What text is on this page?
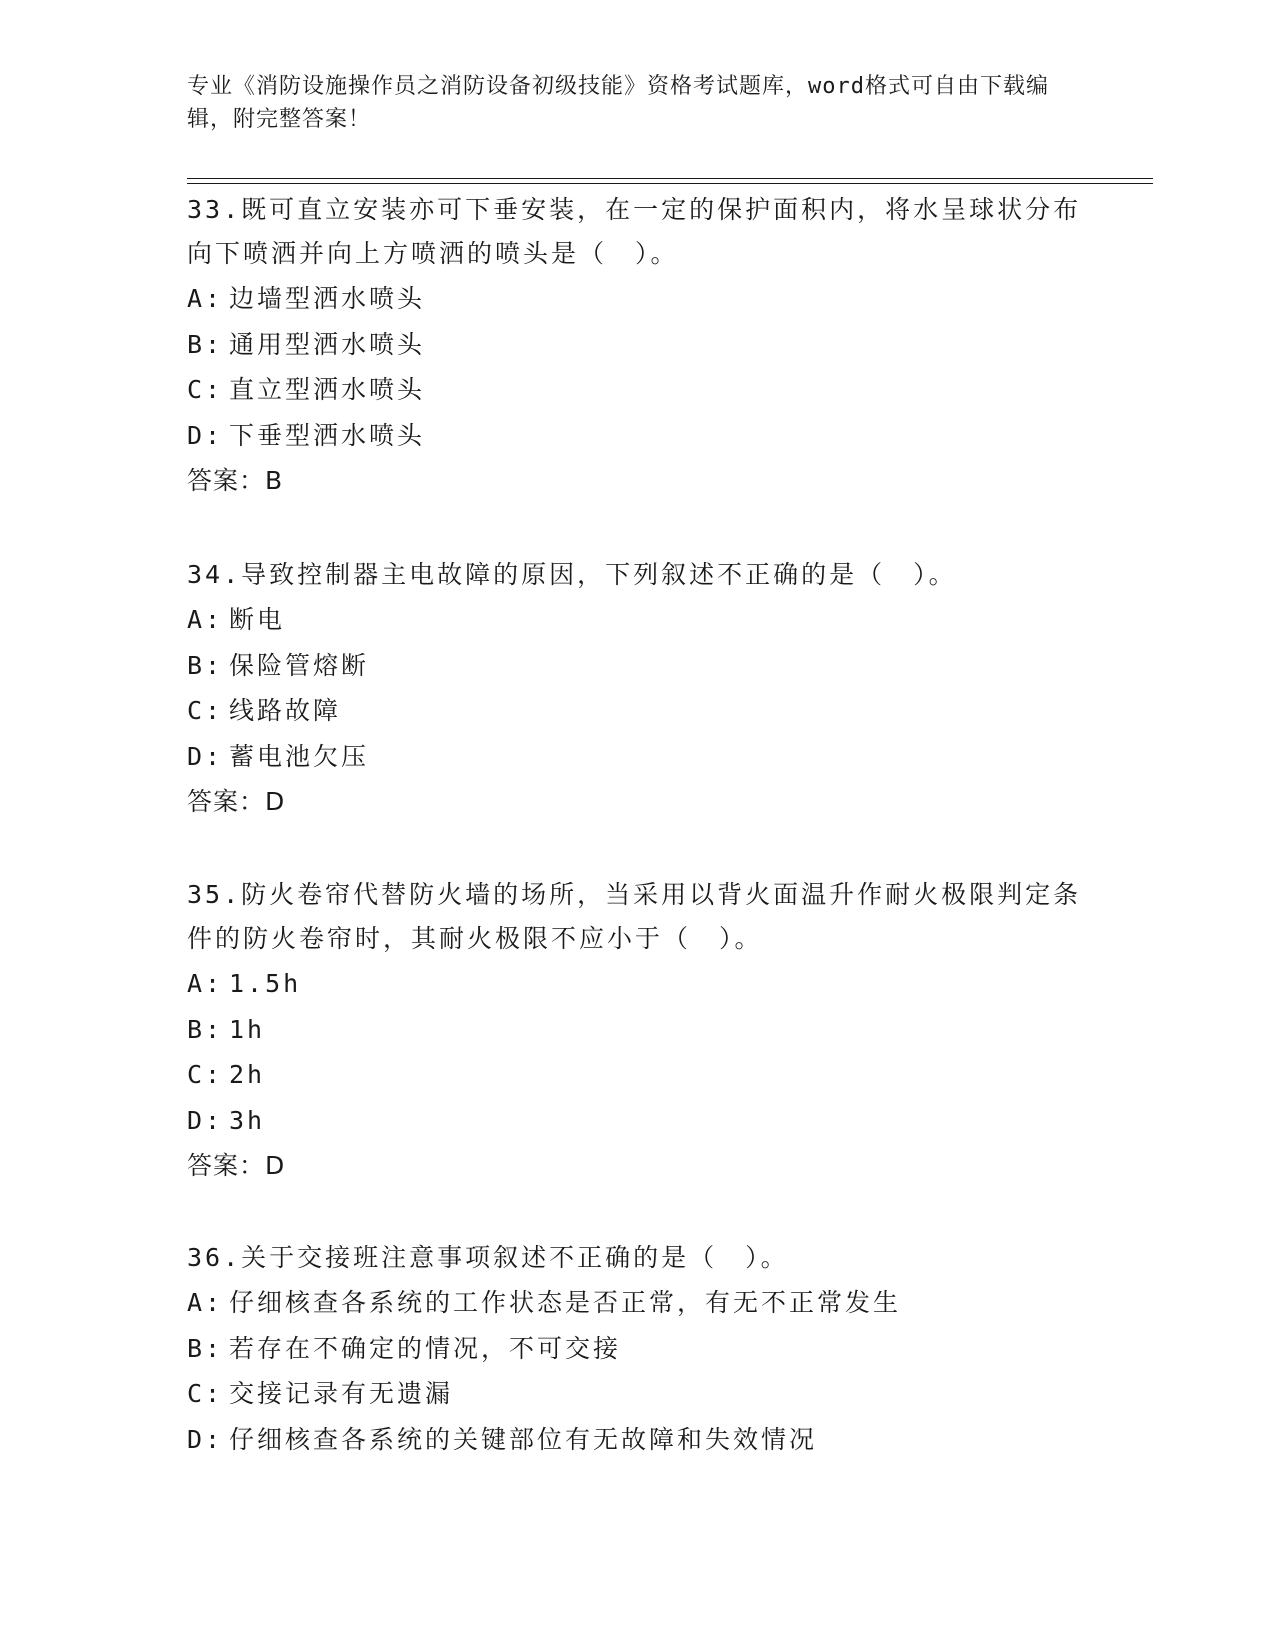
专业《消防设施操作员之消防设备初级技能》资格考试题库，word格式可自由下载编辑，附完整答案！

33.既可直立安装亦可下垂安装，在一定的保护面积内，将水呈球状分布向下喷洒并向上方喷洒的喷头是（　）。

A: 边墙型洒水喷头

B: 通用型洒水喷头

C: 直立型洒水喷头

D: 下垂型洒水喷头

答案：B

34.导致控制器主电故障的原因，下列叙述不正确的是（　）。

A: 断电

B: 保险管熔断

C: 线路故障

D: 蓄电池欠压

答案：D

35.防火卷帘代替防火墙的场所，当采用以背火面温升作耐火极限判定条件的防火卷帘时，其耐火极限不应小于（　）。

A: 1.5h

B: 1h

C: 2h

D: 3h

答案：D

36.关于交接班注意事项叙述不正确的是（　）。

A: 仔细核查各系统的工作状态是否正常，有无不正常发生

B: 若存在不确定的情况，不可交接

C: 交接记录有无遗漏

D: 仔细核查各系统的关键部位有无故障和失效情况
